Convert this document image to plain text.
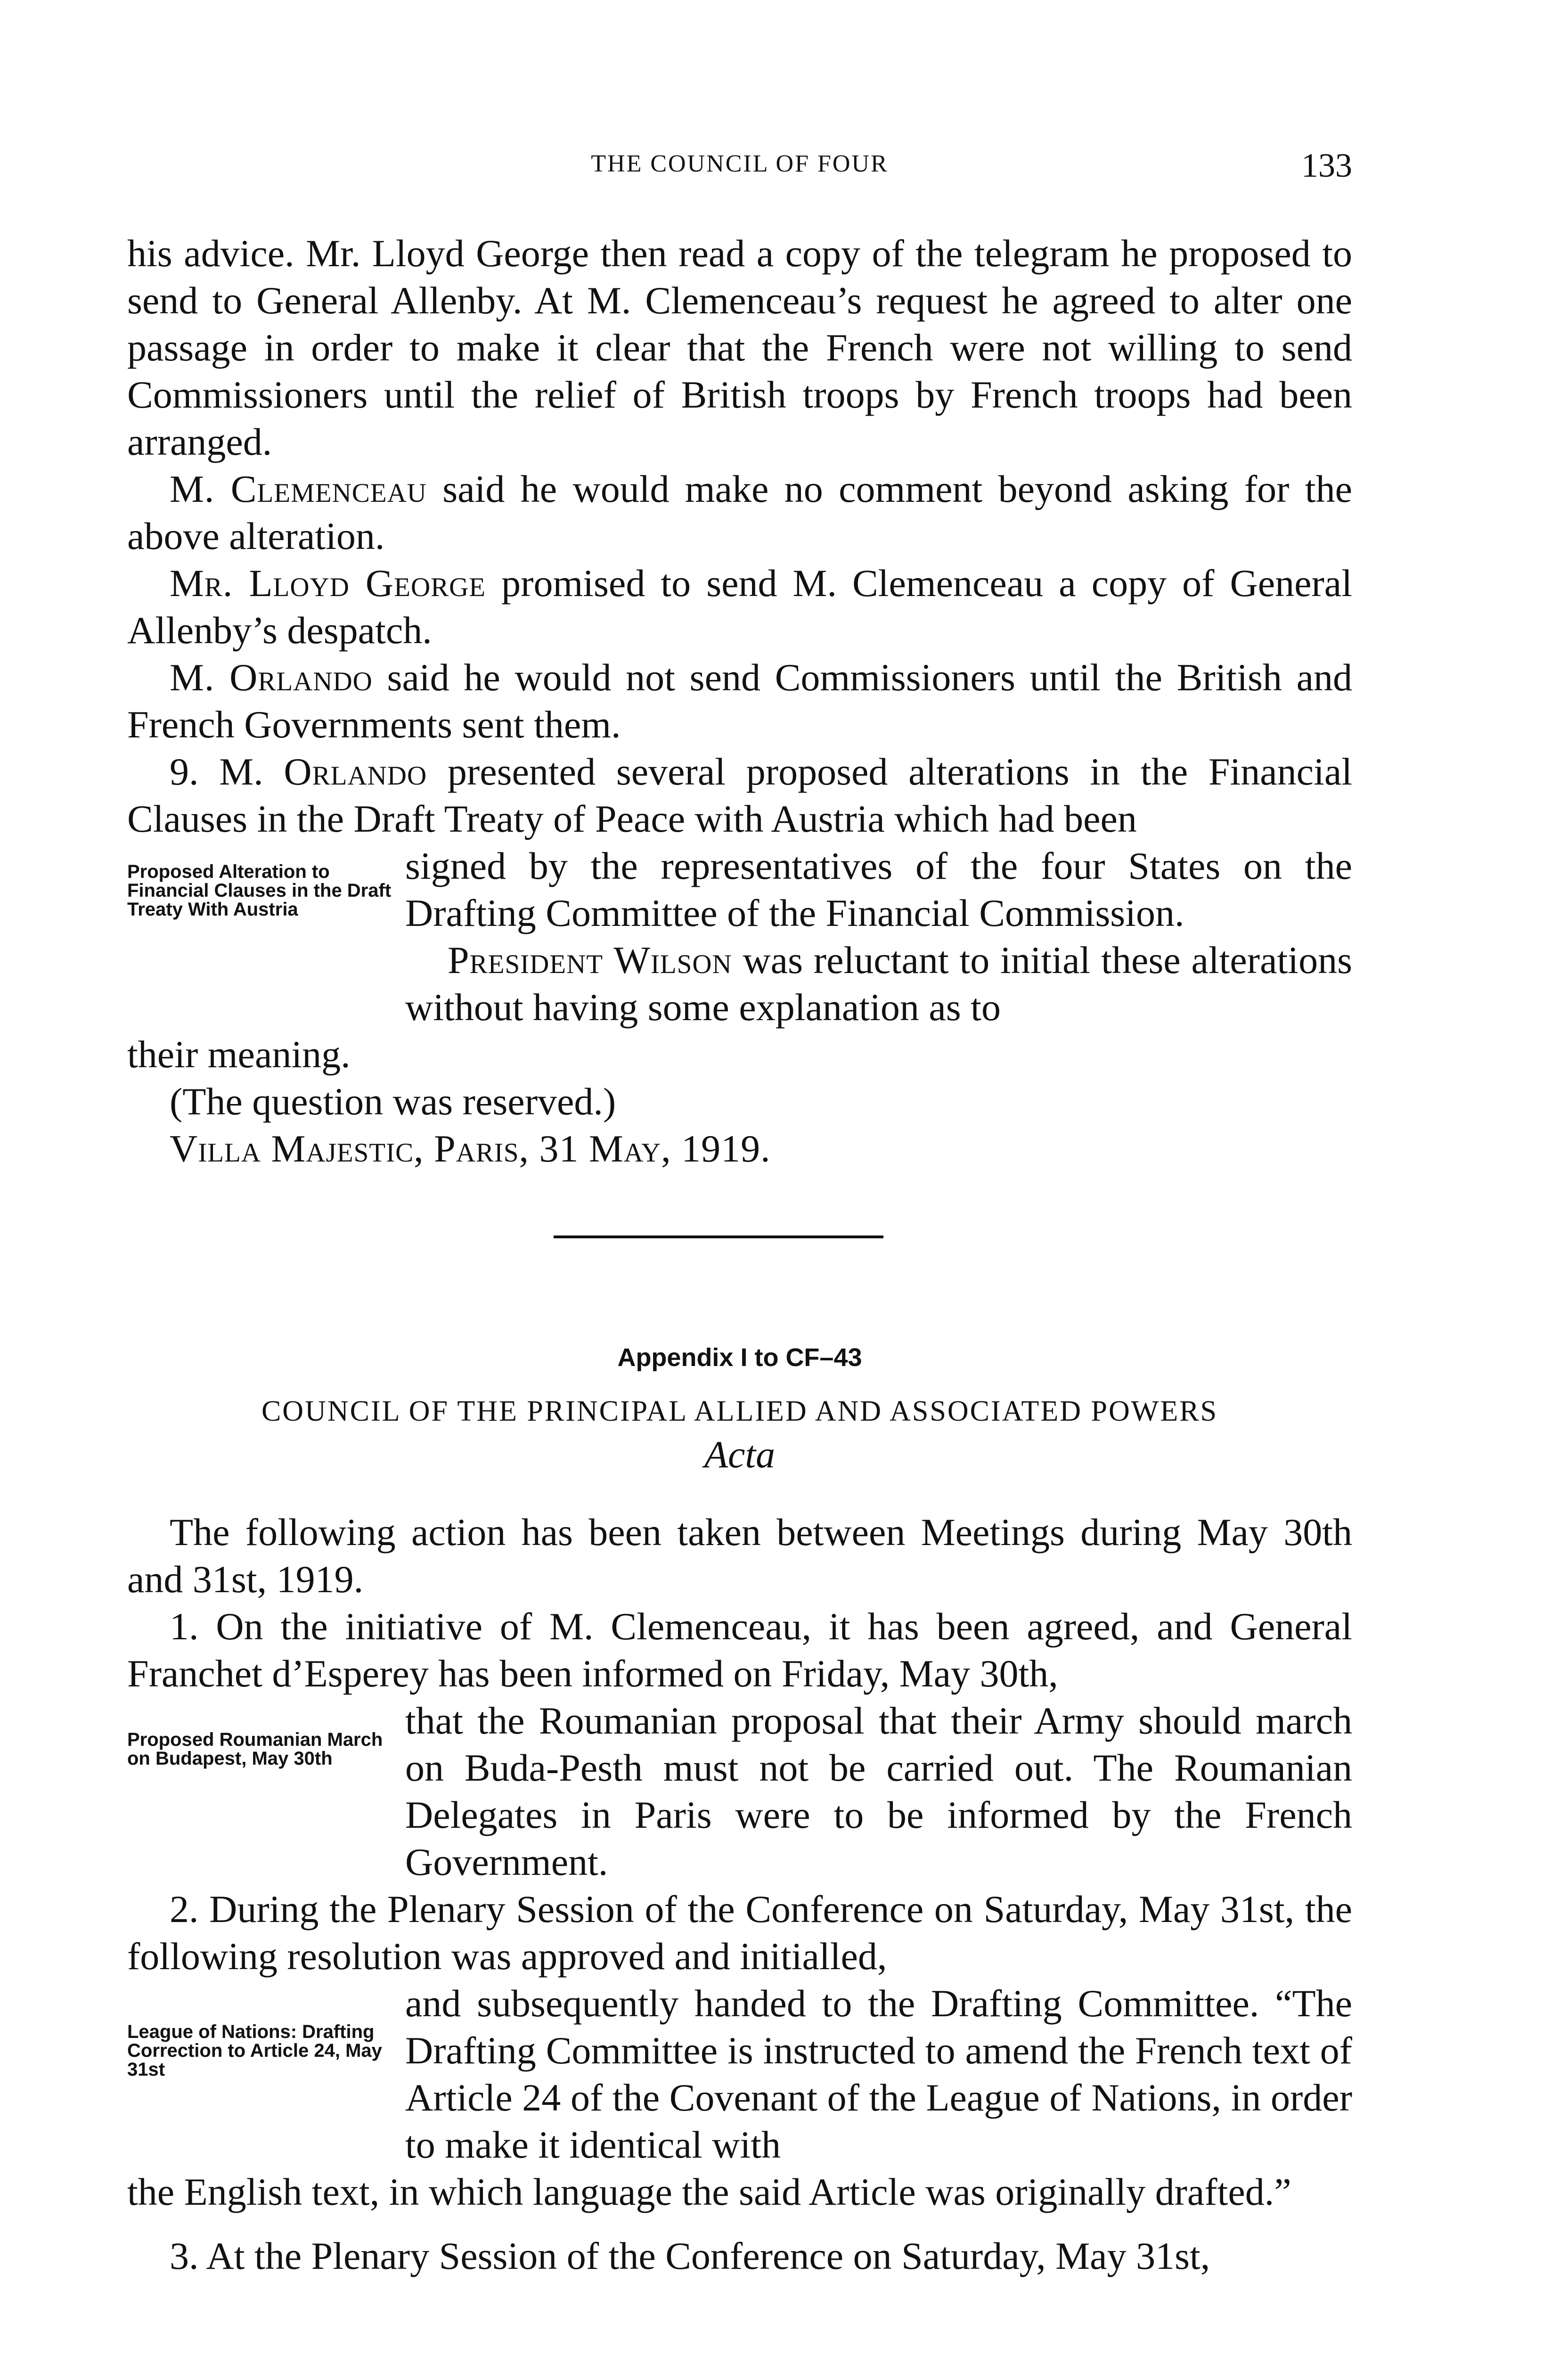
THE COUNCIL OF FOUR	133

his advice. Mr. Lloyd George then read a copy of the telegram he proposed to send to General Allenby. At M. Clemenceau’s request he agreed to alter one passage in order to make it clear that the French were not willing to send Commissioners until the relief of British troops by French troops had been arranged.

M. Clemenceau said he would make no comment beyond asking for the above alteration.

Mr. Lloyd George promised to send M. Clemenceau a copy of General Allenby’s despatch.

M. Orlando said he would not send Commissioners until the British and French Governments sent them.

9. M. Orlando presented several proposed alterations in the Financial Clauses in the Draft Treaty of Peace with Austria which had been

Proposed Alteration to Financial Clauses in the Draft Treaty With Austria

signed by the representatives of the four States on the Drafting Committee of the Financial Commission.

President Wilson was reluctant to initial these alterations without having some explanation as to

their meaning.

(The question was reserved.)

Villa Majestic, Paris, 31 May, 1919.

Appendix I to CF–43
COUNCIL OF THE PRINCIPAL ALLIED AND ASSOCIATED POWERS
Acta

The following action has been taken between Meetings during May 30th and 31st, 1919.

1. On the initiative of M. Clemenceau, it has been agreed, and General Franchet d’Esperey has been informed on Friday, May 30th,

Proposed Roumanian March on Budapest, May 30th

that the Roumanian proposal that their Army should march on Buda-Pesth must not be carried out. The Roumanian Delegates in Paris were to be informed by the French Government.

2. During the Plenary Session of the Conference on Saturday, May 31st, the following resolution was approved and initialled,

League of Nations: Drafting Correction to Article 24, May 31st

and subsequently handed to the Drafting Committee. “The Drafting Committee is instructed to amend the French text of Article 24 of the Covenant of the League of Nations, in order to make it identical with

the English text, in which language the said Article was originally drafted.”

3. At the Plenary Session of the Conference on Saturday, May 31st,
